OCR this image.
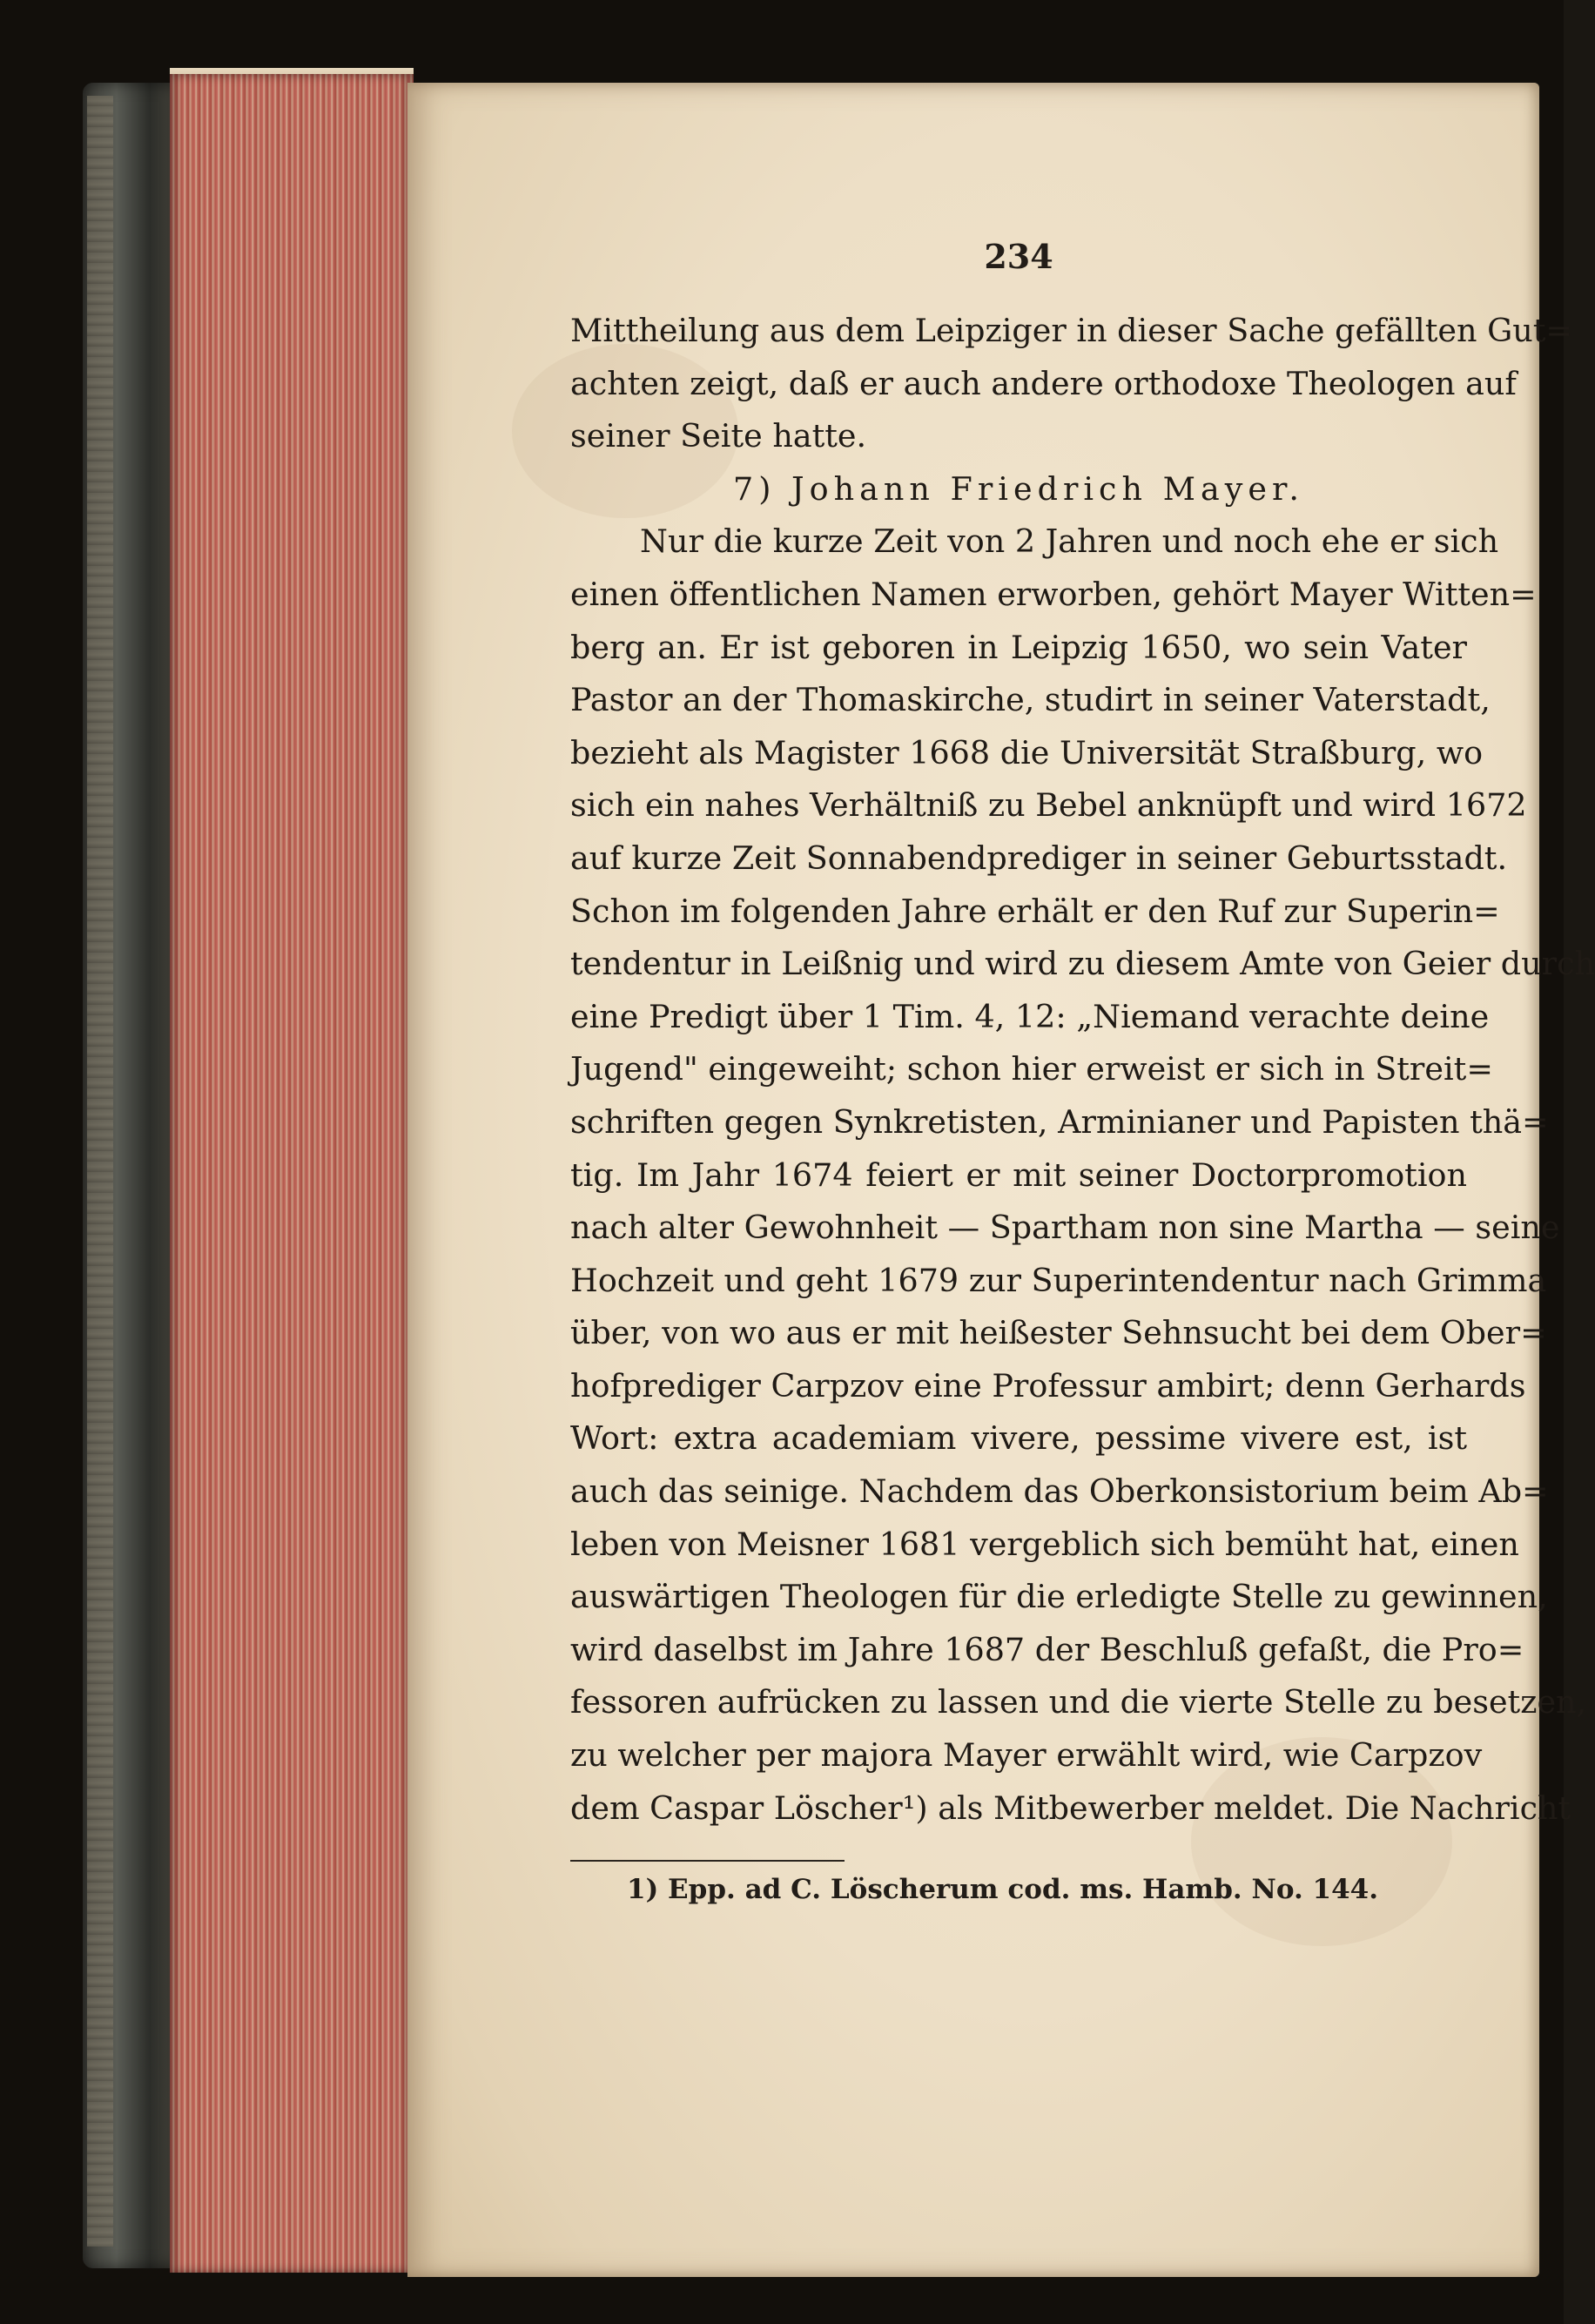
234
Mittheilung aus dem Leipziger in dieser Sache gefällten Gut=
achten zeigt, daß er auch andere orthodoxe Theologen auf
seiner Seite hatte.
7) Johann Friedrich Mayer.
Nur die kurze Zeit von 2 Jahren und noch ehe er sich
einen öffentlichen Namen erworben, gehört Mayer Witten=
berg an. Er ist geboren in Leipzig 1650, wo sein Vater
Pastor an der Thomaskirche, studirt in seiner Vaterstadt,
bezieht als Magister 1668 die Universität Straßburg, wo
sich ein nahes Verhältniß zu Bebel anknüpft und wird 1672
auf kurze Zeit Sonnabendprediger in seiner Geburtsstadt.
Schon im folgenden Jahre erhält er den Ruf zur Superin=
tendentur in Leißnig und wird zu diesem Amte von Geier durch
eine Predigt über 1 Tim. 4, 12: „Niemand verachte deine
Jugend" eingeweiht; schon hier erweist er sich in Streit=
schriften gegen Synkretisten, Arminianer und Papisten thä=
tig. Im Jahr 1674 feiert er mit seiner Doctorpromotion
nach alter Gewohnheit — Spartham non sine Martha — seine
Hochzeit und geht 1679 zur Superintendentur nach Grimma
über, von wo aus er mit heißester Sehnsucht bei dem Ober=
hofprediger Carpzov eine Professur ambirt; denn Gerhards
Wort: extra academiam vivere, pessime vivere est, ist
auch das seinige. Nachdem das Oberkonsistorium beim Ab=
leben von Meisner 1681 vergeblich sich bemüht hat, einen
auswärtigen Theologen für die erledigte Stelle zu gewinnen,
wird daselbst im Jahre 1687 der Beschluß gefaßt, die Pro=
fessoren aufrücken zu lassen und die vierte Stelle zu besetzen,
zu welcher per majora Mayer erwählt wird, wie Carpzov
dem Caspar Löscher¹) als Mitbewerber meldet. Die Nachricht
1) Epp. ad C. Löscherum cod. ms. Hamb. No. 144.
